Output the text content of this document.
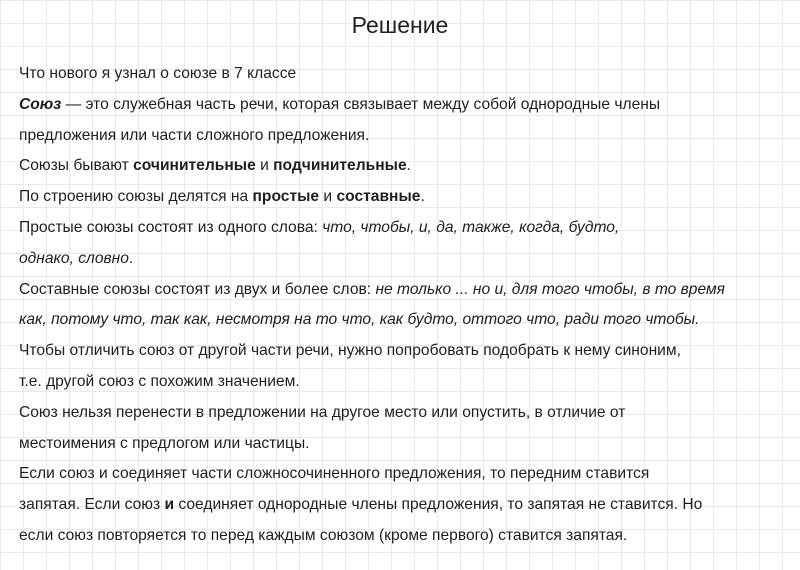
Решение

Что нового я узнал о союзе в 7 классе

Союз — это служебная часть речи, которая связывает между собой однородные члены

предложения или части сложного предложения.

Союзы бывают сочинительные и подчинительные.

По строению союзы делятся на простые и составные.

Простые союзы состоят из одного слова: что, чтобы, и, да, также, когда, будто,

однако, словно.

Составные союзы состоят из двух и более слов: не только ... но и, для того чтобы, в то время

как, потому что, так как, несмотря на то что, как будто, оттого что, ради того чтобы.

Чтобы отличить союз от другой части речи, нужно попробовать подобрать к нему синоним,

т.е. другой союз с похожим значением.

Союз нельзя перенести в предложении на другое место или опустить, в отличие от

местоимения с предлогом или частицы.

Если союз и соединяет части сложносочиненного предложения, то передним ставится

запятая. Если союз и соединяет однородные члены предложения, то запятая не ставится. Но

если союз повторяется то перед каждым союзом (кроме первого) ставится запятая.
